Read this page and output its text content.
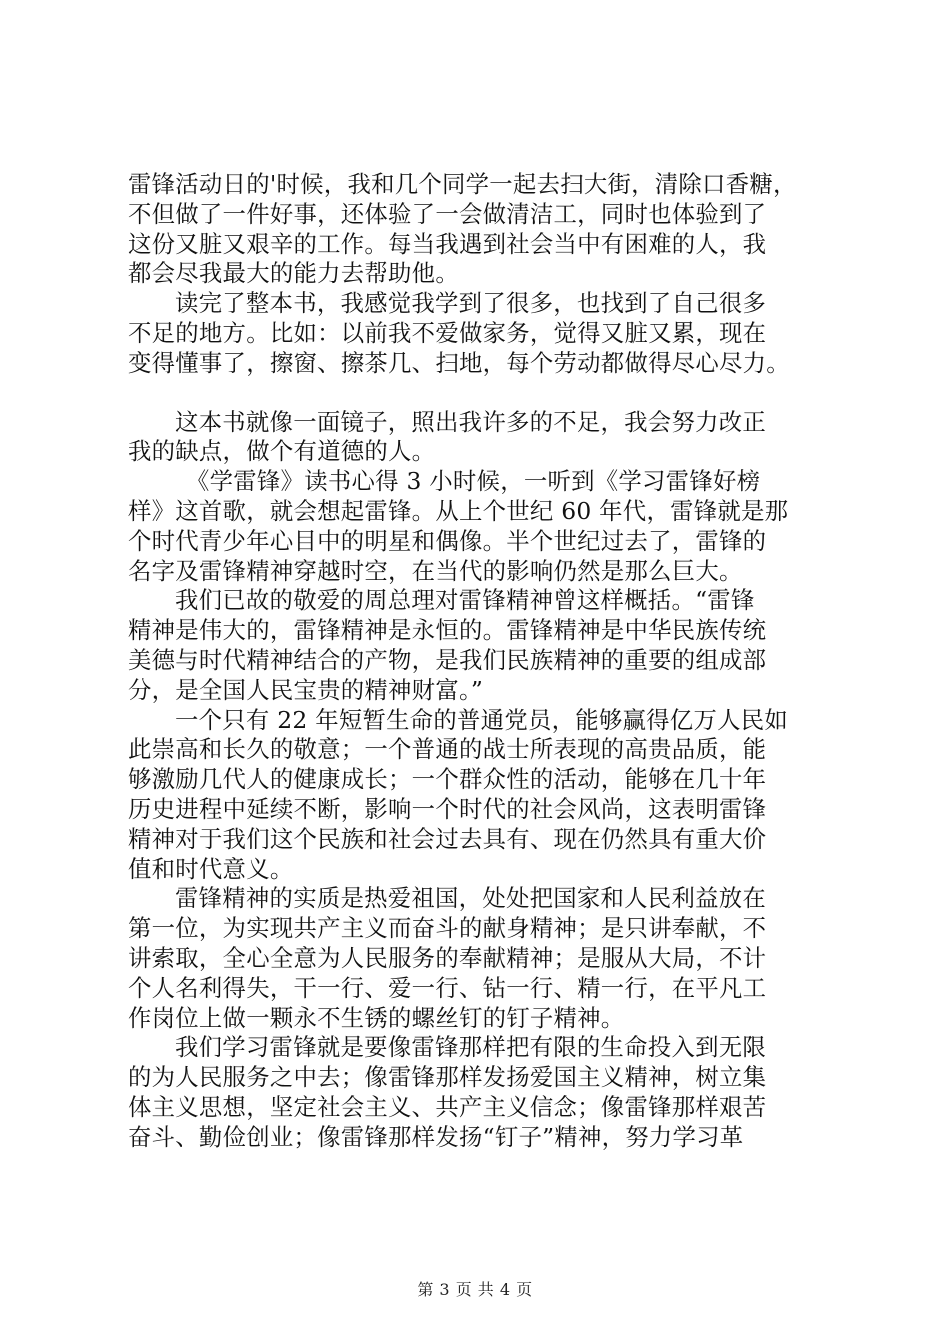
雷锋活动日的'时候，我和几个同学一起去扫大街，清除口香糖，
不但做了一件好事，还体验了一会做清洁工，同时也体验到了
这份又脏又艰辛的工作。每当我遇到社会当中有困难的人，我
都会尽我最大的能力去帮助他。
读完了整本书，我感觉我学到了很多，也找到了自己很多
不足的地方。比如：以前我不爱做家务，觉得又脏又累，现在
变得懂事了，擦窗、擦茶几、扫地，每个劳动都做得尽心尽力。
这本书就像一面镜子，照出我许多的不足，我会努力改正
我的缺点，做个有道德的人。
《学雷锋》读书心得 3 小时候，一听到《学习雷锋好榜
样》这首歌，就会想起雷锋。从上个世纪 60 年代，雷锋就是那
个时代青少年心目中的明星和偶像。半个世纪过去了，雷锋的
名字及雷锋精神穿越时空，在当代的影响仍然是那么巨大。
我们已故的敬爱的周总理对雷锋精神曾这样概括。“雷锋
精神是伟大的，雷锋精神是永恒的。雷锋精神是中华民族传统
美德与时代精神结合的产物，是我们民族精神的重要的组成部
分，是全国人民宝贵的精神财富。”
一个只有 22 年短暂生命的普通党员，能够赢得亿万人民如
此崇高和长久的敬意；一个普通的战士所表现的高贵品质，能
够激励几代人的健康成长；一个群众性的活动，能够在几十年
历史进程中延续不断，影响一个时代的社会风尚，这表明雷锋
精神对于我们这个民族和社会过去具有、现在仍然具有重大价
值和时代意义。
雷锋精神的实质是热爱祖国，处处把国家和人民利益放在
第一位，为实现共产主义而奋斗的献身精神；是只讲奉献，不
讲索取，全心全意为人民服务的奉献精神；是服从大局，不计
个人名利得失，干一行、爱一行、钻一行、精一行，在平凡工
作岗位上做一颗永不生锈的螺丝钉的钉子精神。
我们学习雷锋就是要像雷锋那样把有限的生命投入到无限
的为人民服务之中去；像雷锋那样发扬爱国主义精神，树立集
体主义思想，坚定社会主义、共产主义信念；像雷锋那样艰苦
奋斗、勤俭创业；像雷锋那样发扬“钉子”精神，努力学习革
第 3 页 共 4 页
